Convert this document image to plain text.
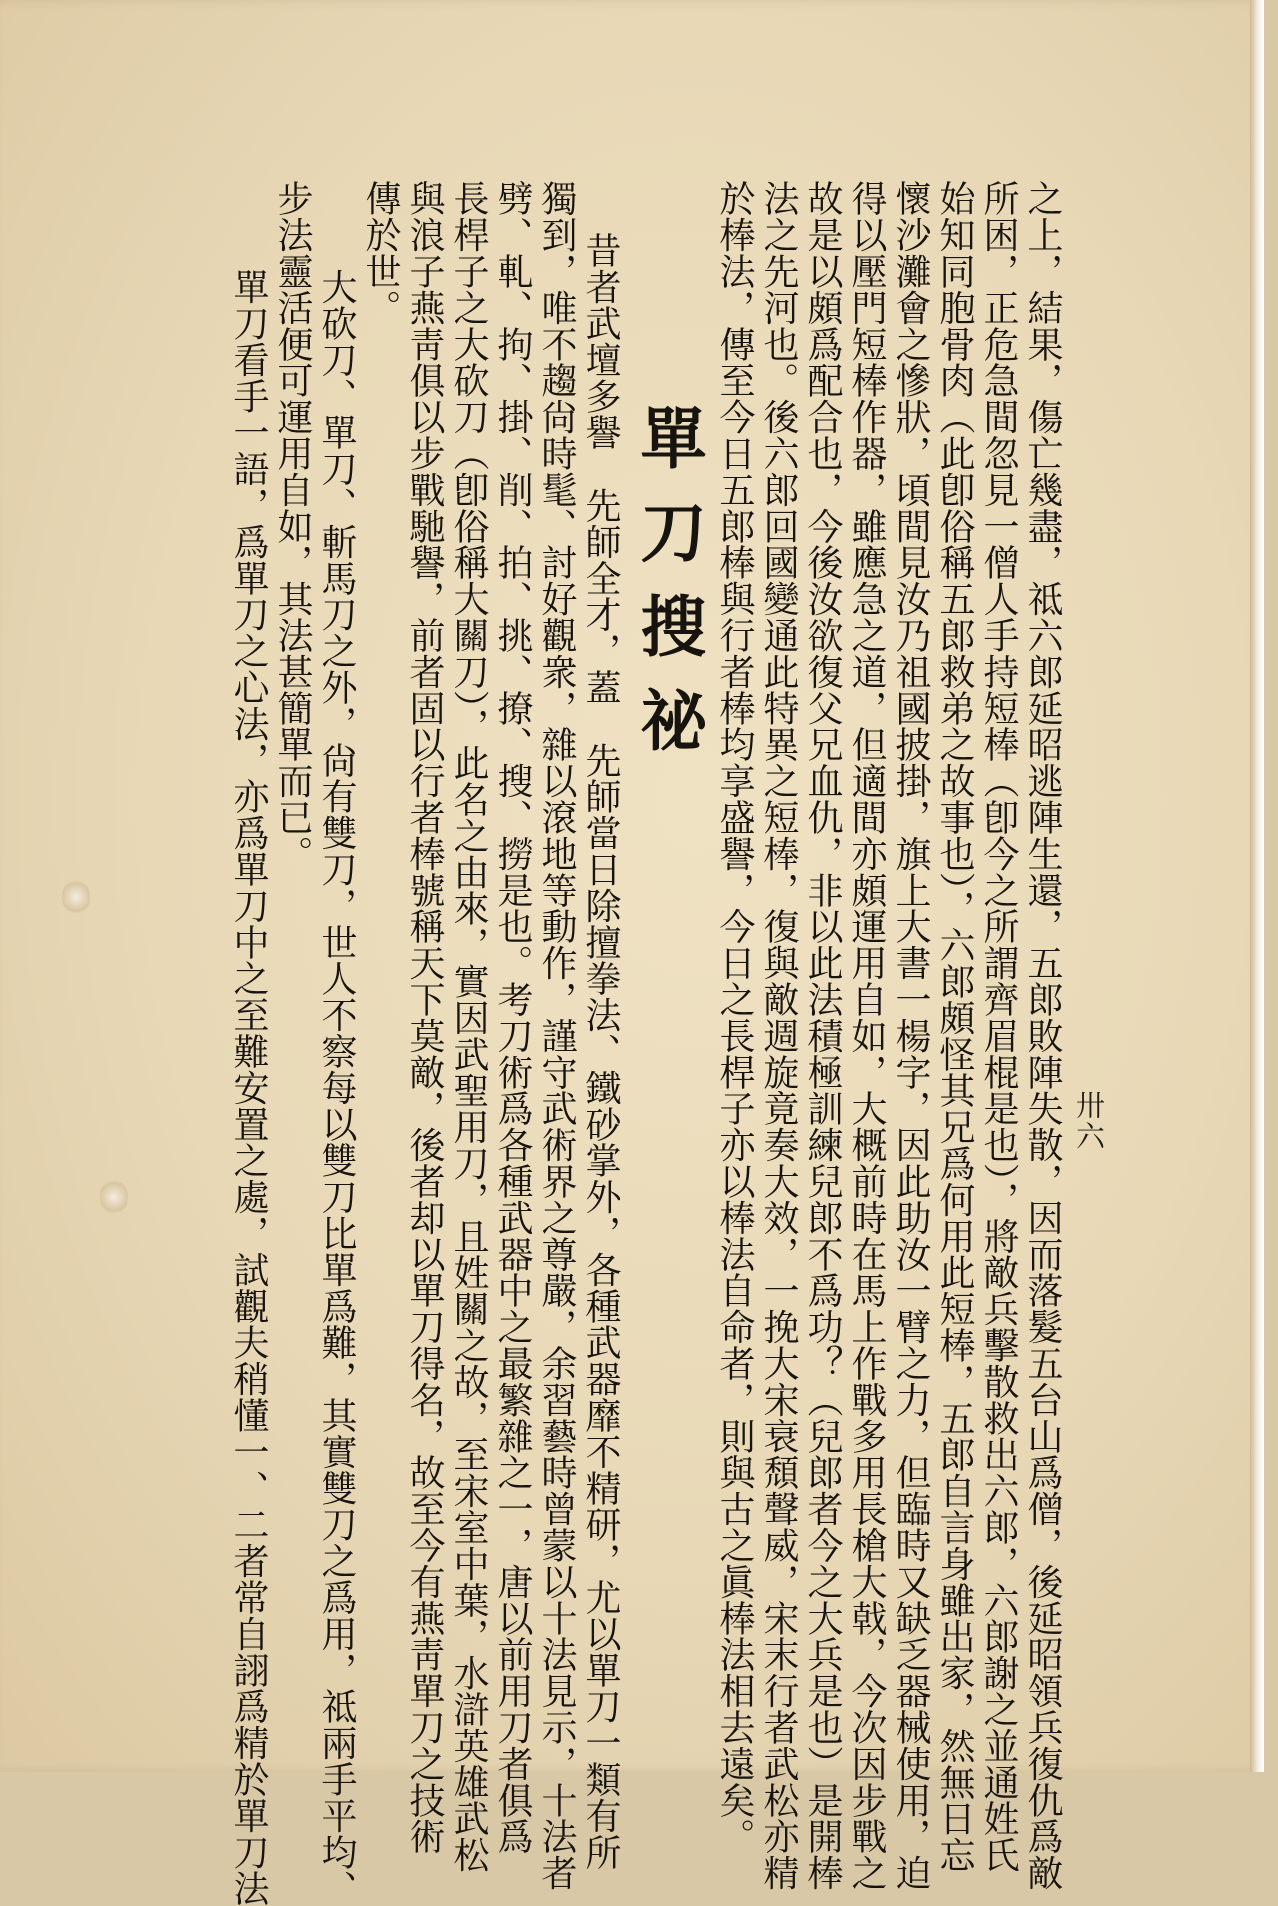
卅六
之上，結果，傷亡幾盡，祗六郎延昭逃陣生還，五郎敗陣失散，因而落髮五台山爲僧，後延昭領兵復仇爲敵
所困，正危急間忽見一僧人手持短棒（卽今之所謂齊眉棍是也），將敵兵擊散救出六郎，六郎謝之並通姓氏
始知同胞骨肉（此卽俗稱五郎救弟之故事也），六郎頗怪其兄爲何用此短棒，五郎自言身雖出家，然無日忘
懷沙灘會之慘狀，頃間見汝乃祖國披掛，旗上大書一楊字，因此助汝一臂之力，但臨時又缺乏器械使用，迫
得以壓門短棒作器，雖應急之道，但適間亦頗運用自如，大概前時在馬上作戰多用長槍大戟，今次因步戰之
故是以頗爲配合也，今後汝欲復父兄血仇，非以此法積極訓練兒郎不爲功？（兒郎者今之大兵是也）是開棒
法之先河也。後六郎回國變通此特異之短棒，復與敵週旋竟奏大效，一挽大宋衰頹聲威，宋末行者武松亦精
於棒法，傳至今日五郎棒與行者棒均享盛譽，今日之長桿子亦以棒法自命者，則與古之眞棒法相去遠矣。
單刀搜祕
昔者武壇多譽　先師全才，蓋　先師當日除擅拳法、鐵砂掌外，各種武器靡不精研，尤以單刀一類有所
獨到，唯不趨尙時髦、討好觀衆，雜以滾地等動作，謹守武術界之尊嚴，余習藝時曾蒙以十法見示，十法者
劈、軋、拘、掛、削、拍、挑、撩、搜、撈是也。考刀術爲各種武器中之最繁雜之一，唐以前用刀者俱爲
長桿子之大砍刀（卽俗稱大關刀），此名之由來，實因武聖用刀，且姓關之故，至宋室中葉，水滸英雄武松
與浪子燕靑俱以步戰馳譽，前者固以行者棒號稱天下莫敵，後者却以單刀得名，故至今有燕靑單刀之技術
傳於世。
　大砍刀、單刀、斬馬刀之外，尙有雙刀，世人不察每以雙刀比單爲難，其實雙刀之爲用，祗兩手平均、
步法靈活便可運用自如，其法甚簡單而已。
　單刀看手一語，爲單刀之心法，亦爲單刀中之至難安置之處，試觀夫稍懂一、二者常自詡爲精於單刀法
